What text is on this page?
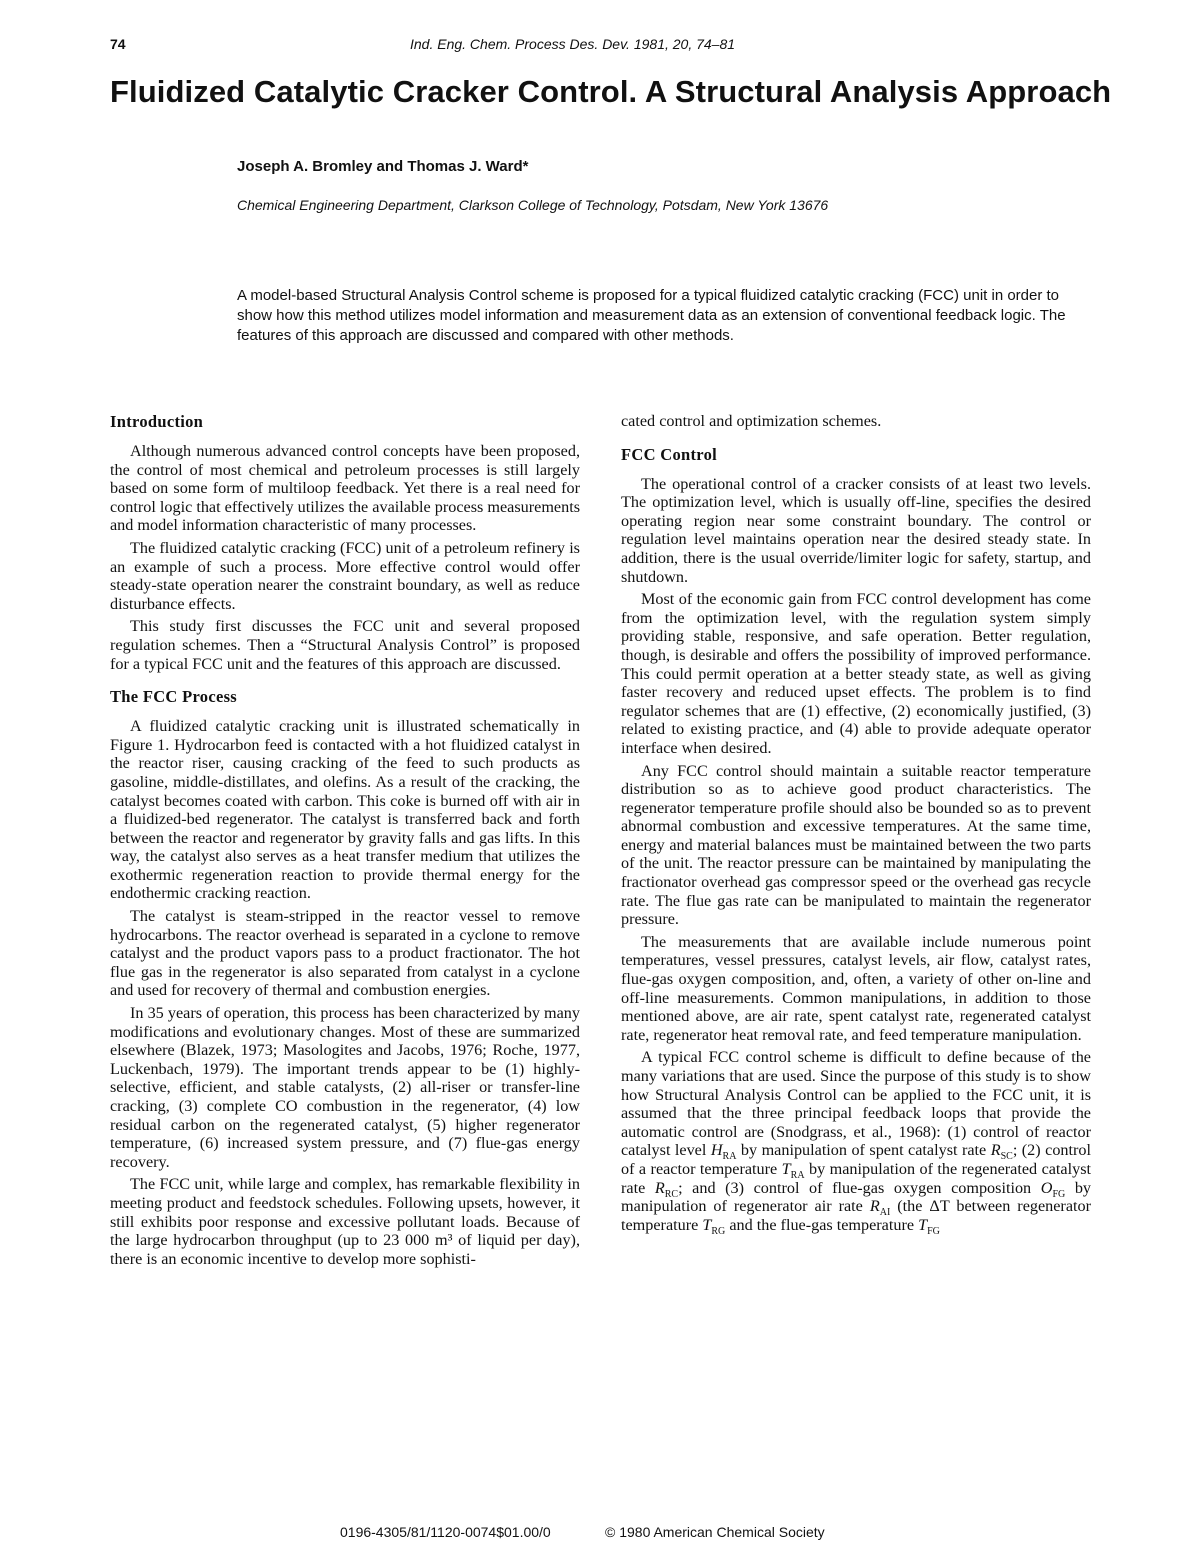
74	Ind. Eng. Chem. Process Des. Dev. 1981, 20, 74–81
Fluidized Catalytic Cracker Control. A Structural Analysis Approach
Joseph A. Bromley and Thomas J. Ward*
Chemical Engineering Department, Clarkson College of Technology, Potsdam, New York 13676

A model-based Structural Analysis Control scheme is proposed for a typical fluidized catalytic cracking (FCC) unit in order to show how this method utilizes model information and measurement data as an extension of conventional feedback logic. The features of this approach are discussed and compared with other methods.

Introduction

Although numerous advanced control concepts have been proposed, the control of most chemical and petroleum processes is still largely based on some form of multiloop feedback. Yet there is a real need for control logic that effectively utilizes the available process measurements and model information characteristic of many processes.

The fluidized catalytic cracking (FCC) unit of a petroleum refinery is an example of such a process. More effective control would offer steady-state operation nearer the constraint boundary, as well as reduce disturbance effects.

This study first discusses the FCC unit and several proposed regulation schemes. Then a “Structural Analysis Control” is proposed for a typical FCC unit and the features of this approach are discussed.

The FCC Process

A fluidized catalytic cracking unit is illustrated schematically in Figure 1. Hydrocarbon feed is contacted with a hot fluidized catalyst in the reactor riser, causing cracking of the feed to such products as gasoline, middle-distillates, and olefins. As a result of the cracking, the catalyst becomes coated with carbon. This coke is burned off with air in a fluidized-bed regenerator. The catalyst is transferred back and forth between the reactor and regenerator by gravity falls and gas lifts. In this way, the catalyst also serves as a heat transfer medium that utilizes the exothermic regeneration reaction to provide thermal energy for the endothermic cracking reaction.

The catalyst is steam-stripped in the reactor vessel to remove hydrocarbons. The reactor overhead is separated in a cyclone to remove catalyst and the product vapors pass to a product fractionator. The hot flue gas in the regenerator is also separated from catalyst in a cyclone and used for recovery of thermal and combustion energies.

In 35 years of operation, this process has been characterized by many modifications and evolutionary changes. Most of these are summarized elsewhere (Blazek, 1973; Masologites and Jacobs, 1976; Roche, 1977, Luckenbach, 1979). The important trends appear to be (1) highly-selective, efficient, and stable catalysts, (2) all-riser or transfer-line cracking, (3) complete CO combustion in the regenerator, (4) low residual carbon on the regenerated catalyst, (5) higher regenerator temperature, (6) increased system pressure, and (7) flue-gas energy recovery.

The FCC unit, while large and complex, has remarkable flexibility in meeting product and feedstock schedules. Following upsets, however, it still exhibits poor response and excessive pollutant loads. Because of the large hydrocarbon throughput (up to 23 000 m³ of liquid per day), there is an economic incentive to develop more sophisti-

cated control and optimization schemes.

FCC Control

The operational control of a cracker consists of at least two levels. The optimization level, which is usually off-line, specifies the desired operating region near some constraint boundary. The control or regulation level maintains operation near the desired steady state. In addition, there is the usual override/limiter logic for safety, startup, and shutdown.

Most of the economic gain from FCC control development has come from the optimization level, with the regulation system simply providing stable, responsive, and safe operation. Better regulation, though, is desirable and offers the possibility of improved performance. This could permit operation at a better steady state, as well as giving faster recovery and reduced upset effects. The problem is to find regulator schemes that are (1) effective, (2) economically justified, (3) related to existing practice, and (4) able to provide adequate operator interface when desired.

Any FCC control should maintain a suitable reactor temperature distribution so as to achieve good product characteristics. The regenerator temperature profile should also be bounded so as to prevent abnormal combustion and excessive temperatures. At the same time, energy and material balances must be maintained between the two parts of the unit. The reactor pressure can be maintained by manipulating the fractionator overhead gas compressor speed or the overhead gas recycle rate. The flue gas rate can be manipulated to maintain the regenerator pressure.

The measurements that are available include numerous point temperatures, vessel pressures, catalyst levels, air flow, catalyst rates, flue-gas oxygen composition, and, often, a variety of other on-line and off-line measurements. Common manipulations, in addition to those mentioned above, are air rate, spent catalyst rate, regenerated catalyst rate, regenerator heat removal rate, and feed temperature manipulation.

A typical FCC control scheme is difficult to define because of the many variations that are used. Since the purpose of this study is to show how Structural Analysis Control can be applied to the FCC unit, it is assumed that the three principal feedback loops that provide the automatic control are (Snodgrass, et al., 1968): (1) control of reactor catalyst level $H_{RA}$ by manipulation of spent catalyst rate $R_{SC}$; (2) control of a reactor temperature $T_{RA}$ by manipulation of the regenerated catalyst rate $R_{RC}$; and (3) control of flue-gas oxygen composition $O_{FG}$ by manipulation of regenerator air rate $R_{AI}$ (the ΔT between regenerator temperature $T_{RG}$ and the flue-gas temperature $T_{FG}$

0196-4305/81/1120-0074$01.00/0	© 1980 American Chemical Society
